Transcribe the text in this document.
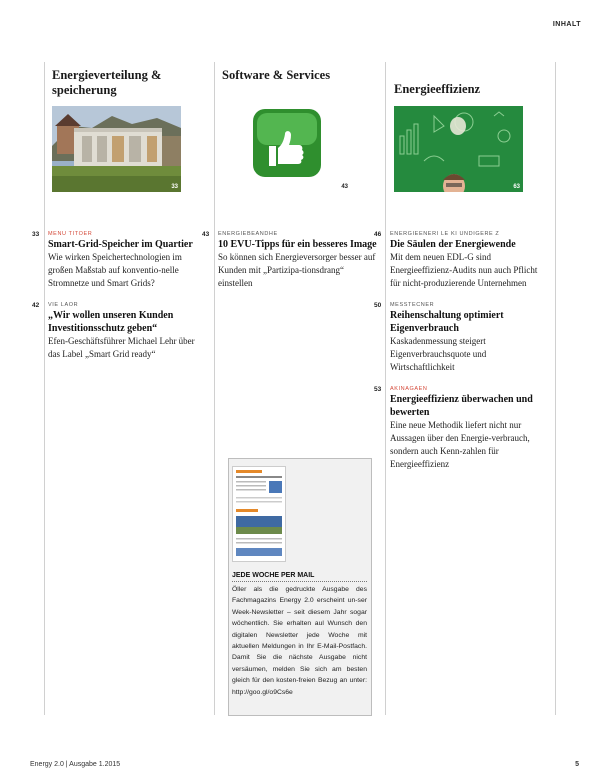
INHALT
Energieverteilung & speicherung
33
33 MENU TITOER
Smart-Grid-Speicher im Quartier
Wie wirken Speichertechnologien im großen Maßstab auf konventio-nelle Stromnetze und Smart Grids?
42 VIE LAOR
„Wir wollen unseren Kunden Investitionsschutz geben“
Efen-Geschäftsführer Michael Lehr über das Label „Smart Grid ready“
Software & Services
43
43 ENERGIEBEANDHE
10 EVU-Tipps für ein besseres Image
So können sich Energieversorger besser auf Kunden mit „Partizipa-tionsdrang“ einstellen
Energieeffizienz
63
46 ENERGIEENERI LE KI UNDIGERE Z
Die Säulen der Energiewende
Mit dem neuen EDL-G sind Energieeffizienz-Audits nun auch Pflicht für nicht-produzierende Unternehmen
50 MESSTECNER
Reihenschaltung optimiert Eigenverbrauch
Kaskadenmessung steigert Eigenverbrauchsquote und Wirtschaftlichkeit
53 AKINAGAEN
Energieeffizienz überwachen und bewerten
Eine neue Methodik liefert nicht nur Aussagen über den Energie-verbrauch, sondern auch Kenn-zahlen für Energieeffizienz
JEDE WOCHE PER MAIL
Öller als die gedruckte Ausgabe des Fachmagazins Energy 2.0 erscheint un-ser Week-Newsletter – seit diesem Jahr sogar wöchentlich. Sie erhalten aul Wunsch den digitalen Newsletter jede Woche mit aktuellen Meldungen in Ihr E-Mail-Postfach. Damit Sie die nächste Ausgabe nicht versäumen, melden Sie sich am besten gleich für den kosten-freien Bezug an unter: http://goo.gl/o9Cs6e
Energy 2.0 | Ausgabe 1.2015	5
